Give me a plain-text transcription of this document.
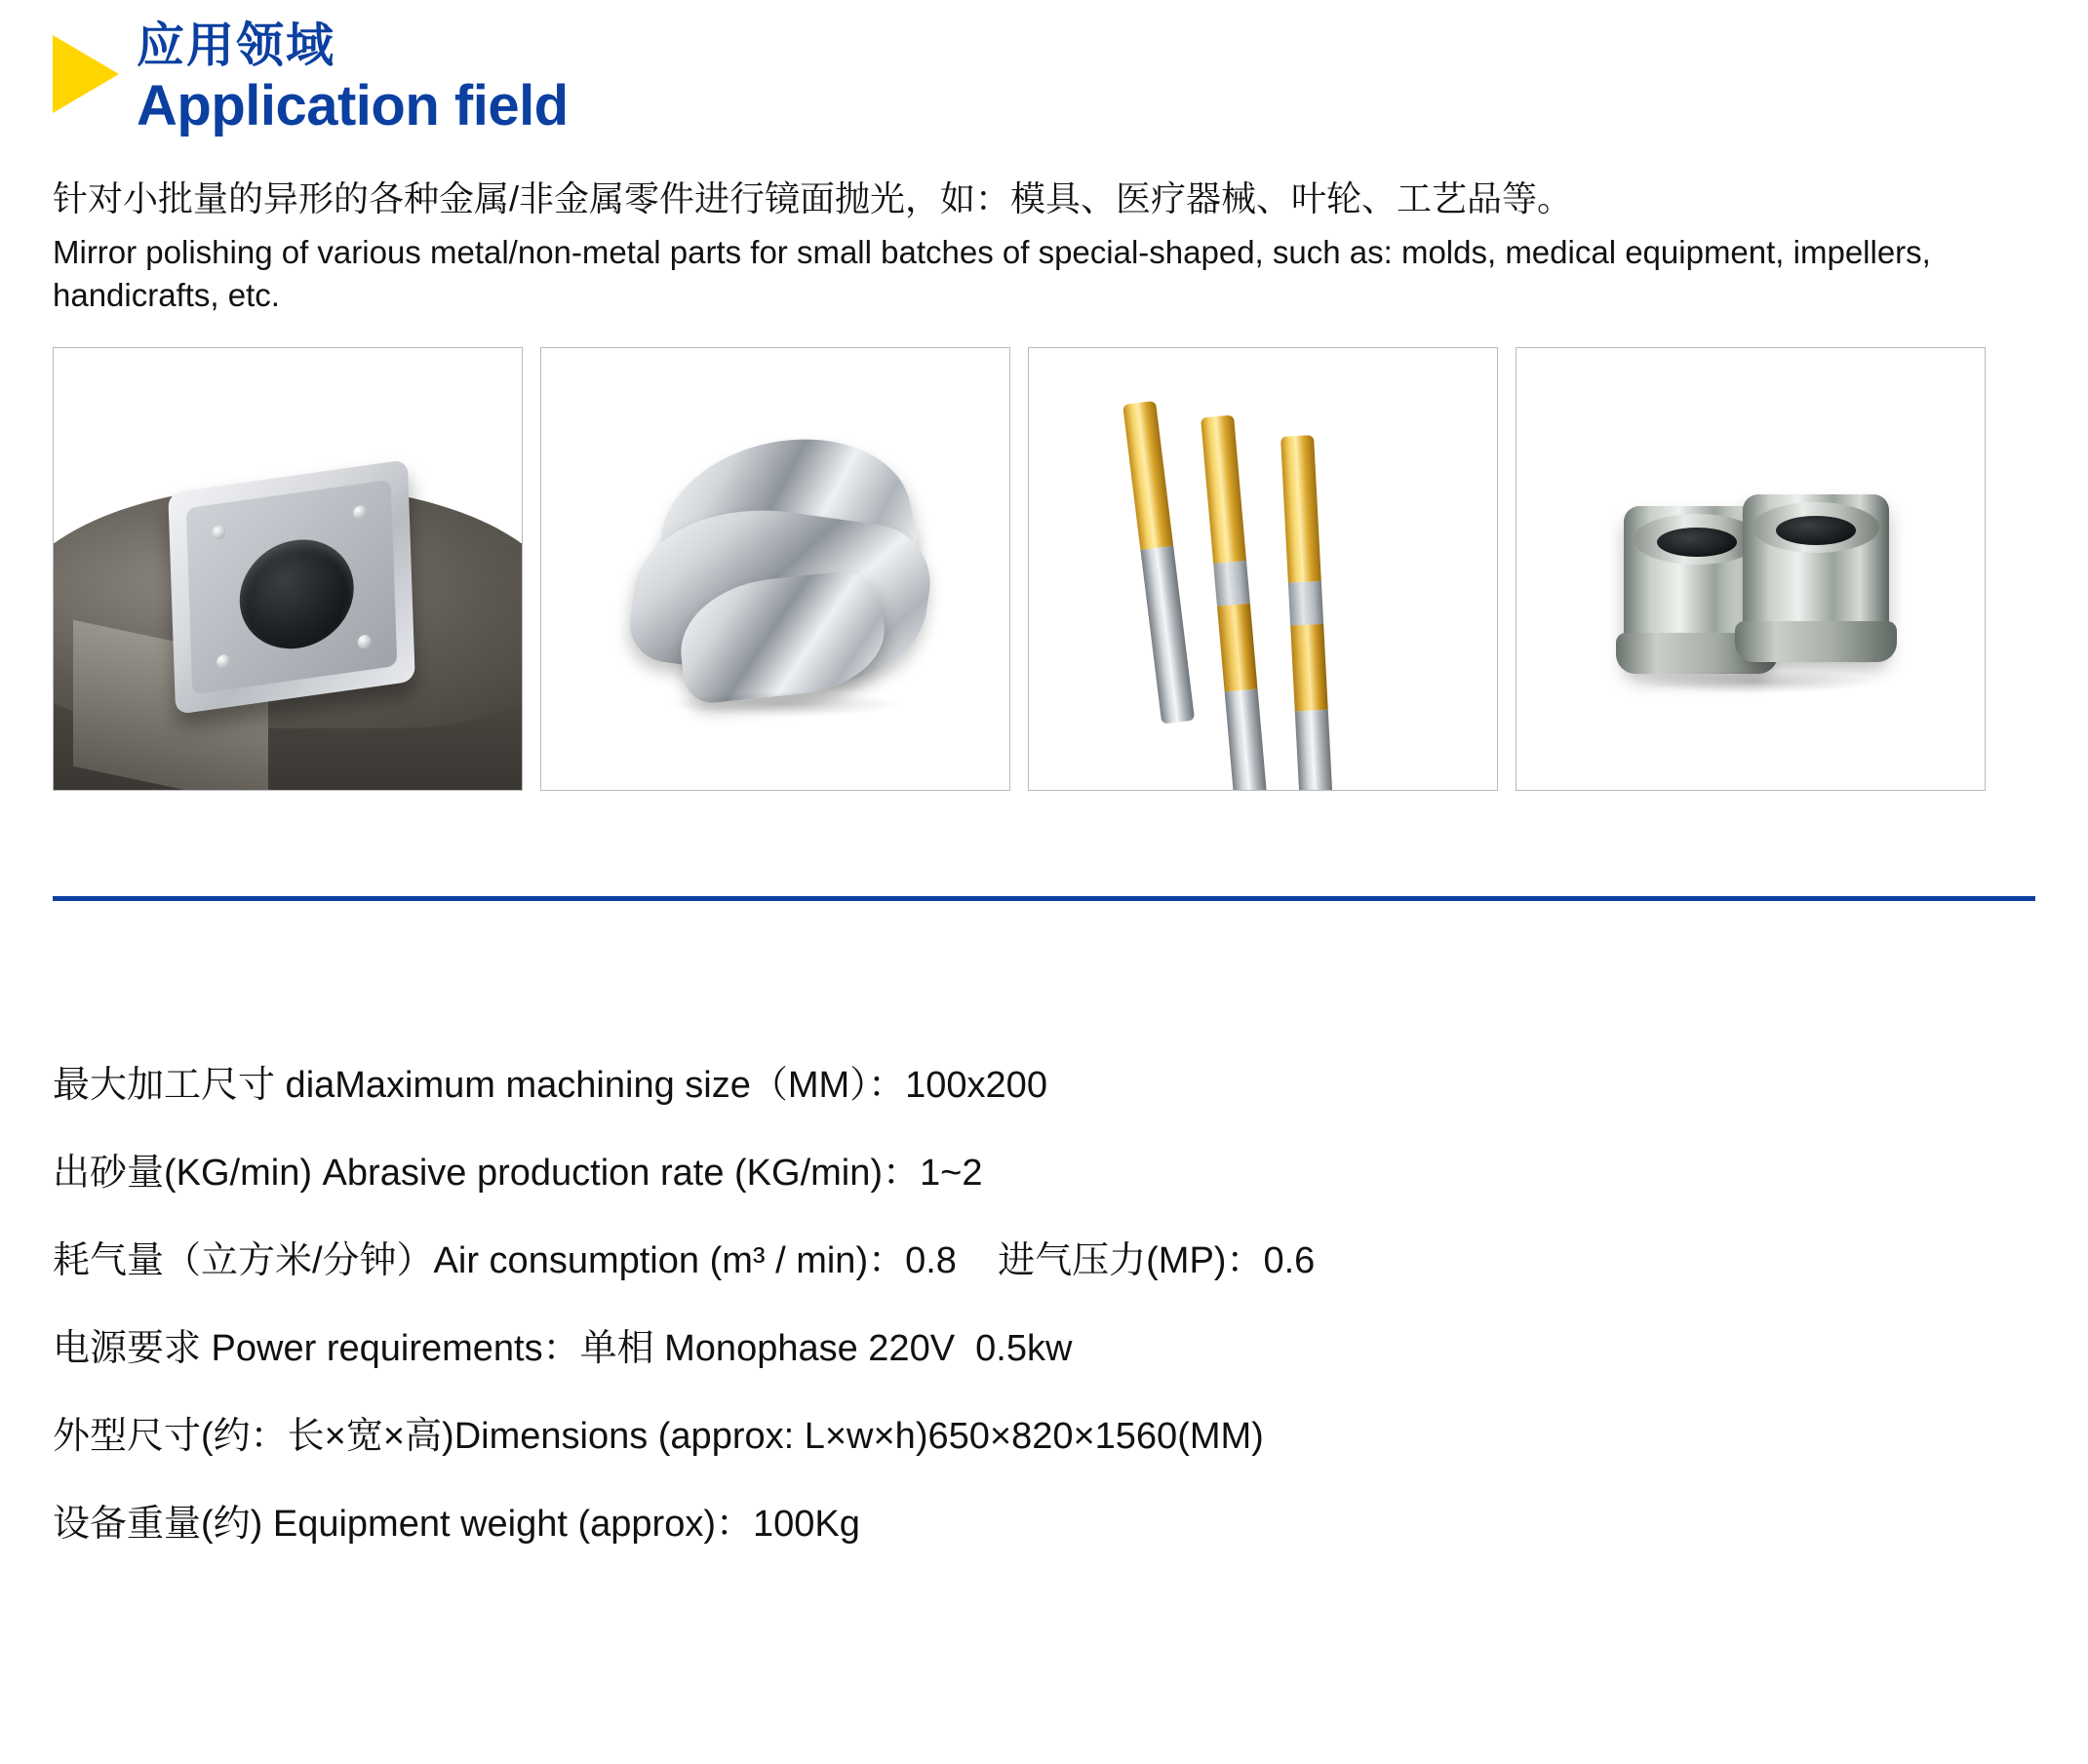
应用领域
Application field

针对小批量的异形的各种金属/非金属零件进行镜面抛光，如：模具、医疗器械、叶轮、工艺品等。

Mirror polishing of various metal/non-metal parts for small batches of special-shaped, such as: molds, medical equipment, impellers, handicrafts, etc.

最大加工尺寸 diaMaximum machining size（MM）：100x200
出砂量(KG/min) Abrasive production rate (KG/min)：1~2
耗气量（立方米/分钟）Air consumption (m³ / min)：0.8    进气压力(MP)：0.6
电源要求 Power requirements：单相 Monophase 220V  0.5kw
外型尺寸(约：长×宽×高)Dimensions (approx: L×w×h)650×820×1560(MM)
设备重量(约) Equipment weight (approx)：100Kg
